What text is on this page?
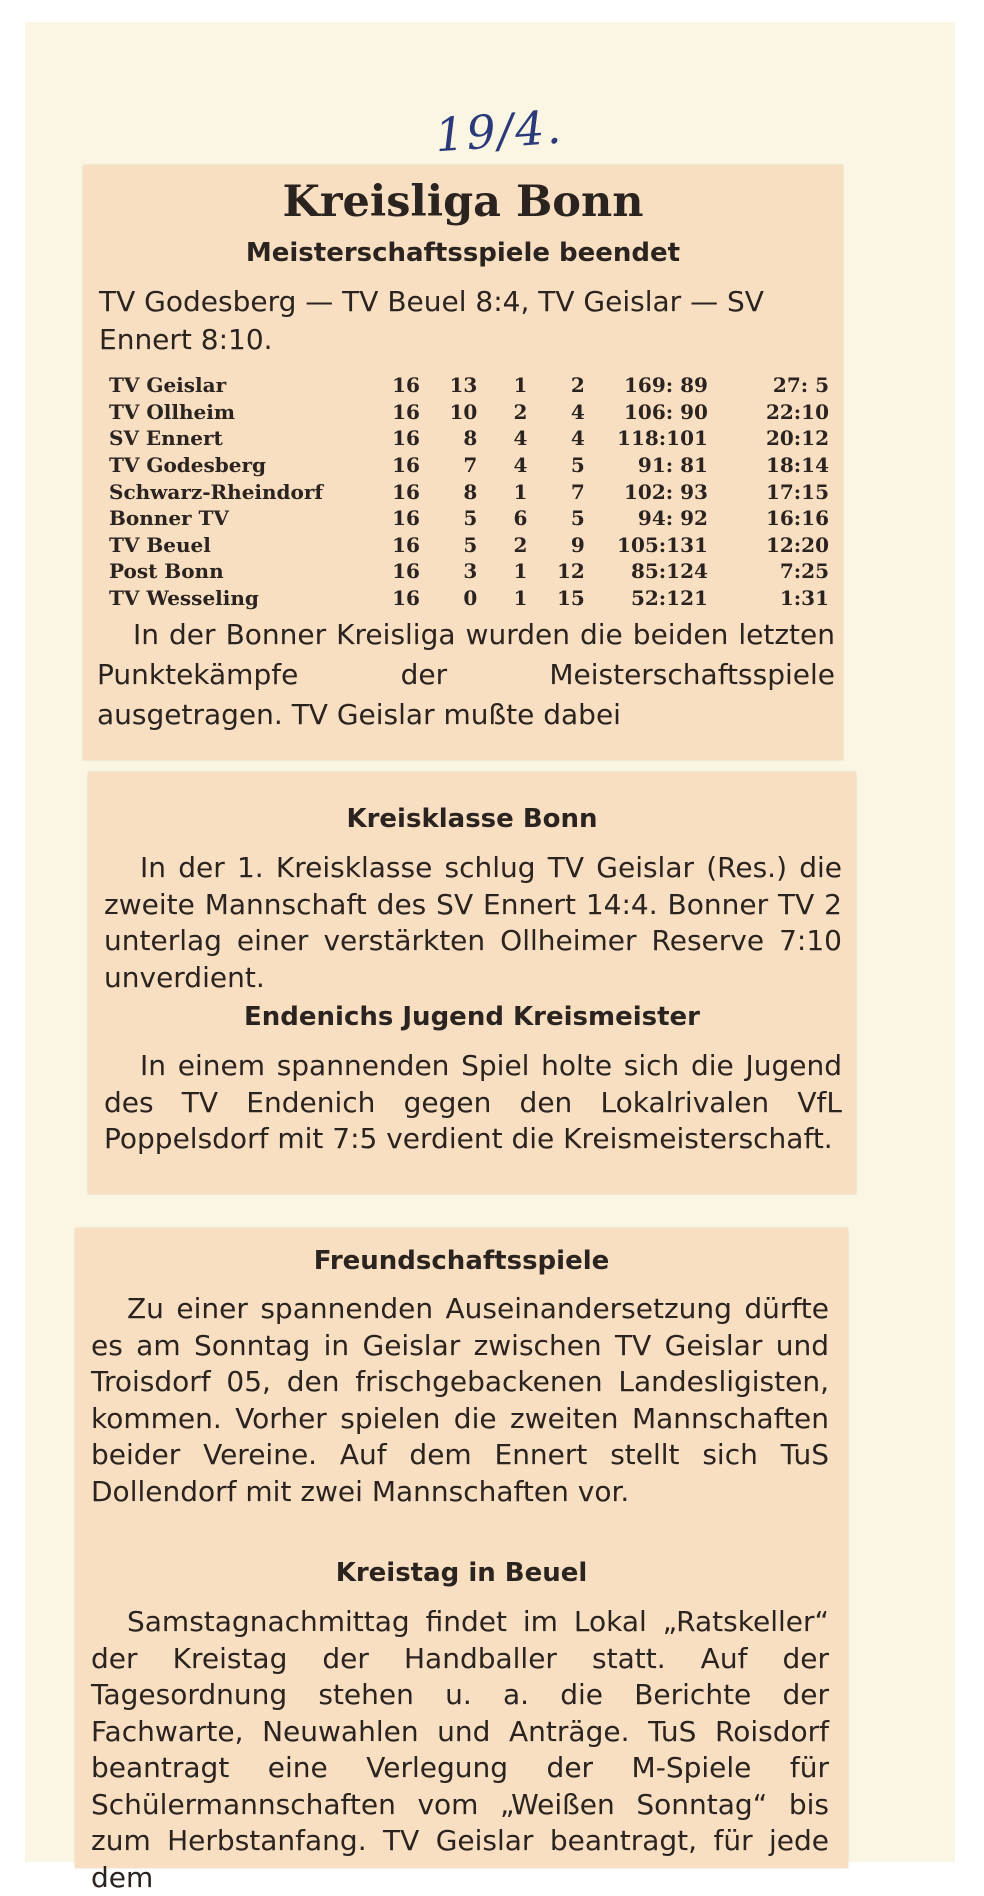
19/4.
Kreisliga Bonn
Meisterschaftsspiele beendet
TV Godesberg — TV Beuel 8:4, TV Geislar — SV Ennert 8:10.
TV Geislar	16	13	1	2	169: 89	27: 5
TV Ollheim	16	10	2	4	106: 90	22:10
SV Ennert	16	8	4	4	118:101	20:12
TV Godesberg	16	7	4	5	91: 81	18:14
Schwarz-Rheindorf	16	8	1	7	102: 93	17:15
Bonner TV	16	5	6	5	94: 92	16:16
TV Beuel	16	5	2	9	105:131	12:20
Post Bonn	16	3	1	12	85:124	7:25
TV Wesseling	16	0	1	15	52:121	1:31

In der Bonner Kreisliga wurden die beiden letzten Punktekämpfe der Meisterschaftsspiele ausgetragen. TV Geislar mußte dabei

Kreisklasse Bonn

In der 1. Kreisklasse schlug TV Geislar (Res.) die zweite Mannschaft des SV Ennert 14:4. Bonner TV 2 unterlag einer verstärkten Ollheimer Reserve 7:10 unverdient.

Endenichs Jugend Kreismeister

In einem spannenden Spiel holte sich die Jugend des TV Endenich gegen den Lokalrivalen VfL Poppelsdorf mit 7:5 verdient die Kreismeisterschaft.

Freundschaftsspiele

Zu einer spannenden Auseinandersetzung dürfte es am Sonntag in Geislar zwischen TV Geislar und Troisdorf 05, den frischgebackenen Landesligisten, kommen. Vorher spielen die zweiten Mannschaften beider Vereine. Auf dem Ennert stellt sich TuS Dollendorf mit zwei Mannschaften vor.

Kreistag in Beuel

Samstagnachmittag findet im Lokal „Ratskeller“ der Kreistag der Handballer statt. Auf der Tagesordnung stehen u. a. die Berichte der Fachwarte, Neuwahlen und Anträge. TuS Roisdorf beantragt eine Verlegung der M-Spiele für Schülermannschaften vom „Weißen Sonntag“ bis zum Herbstanfang. TV Geislar beantragt, für jede dem
